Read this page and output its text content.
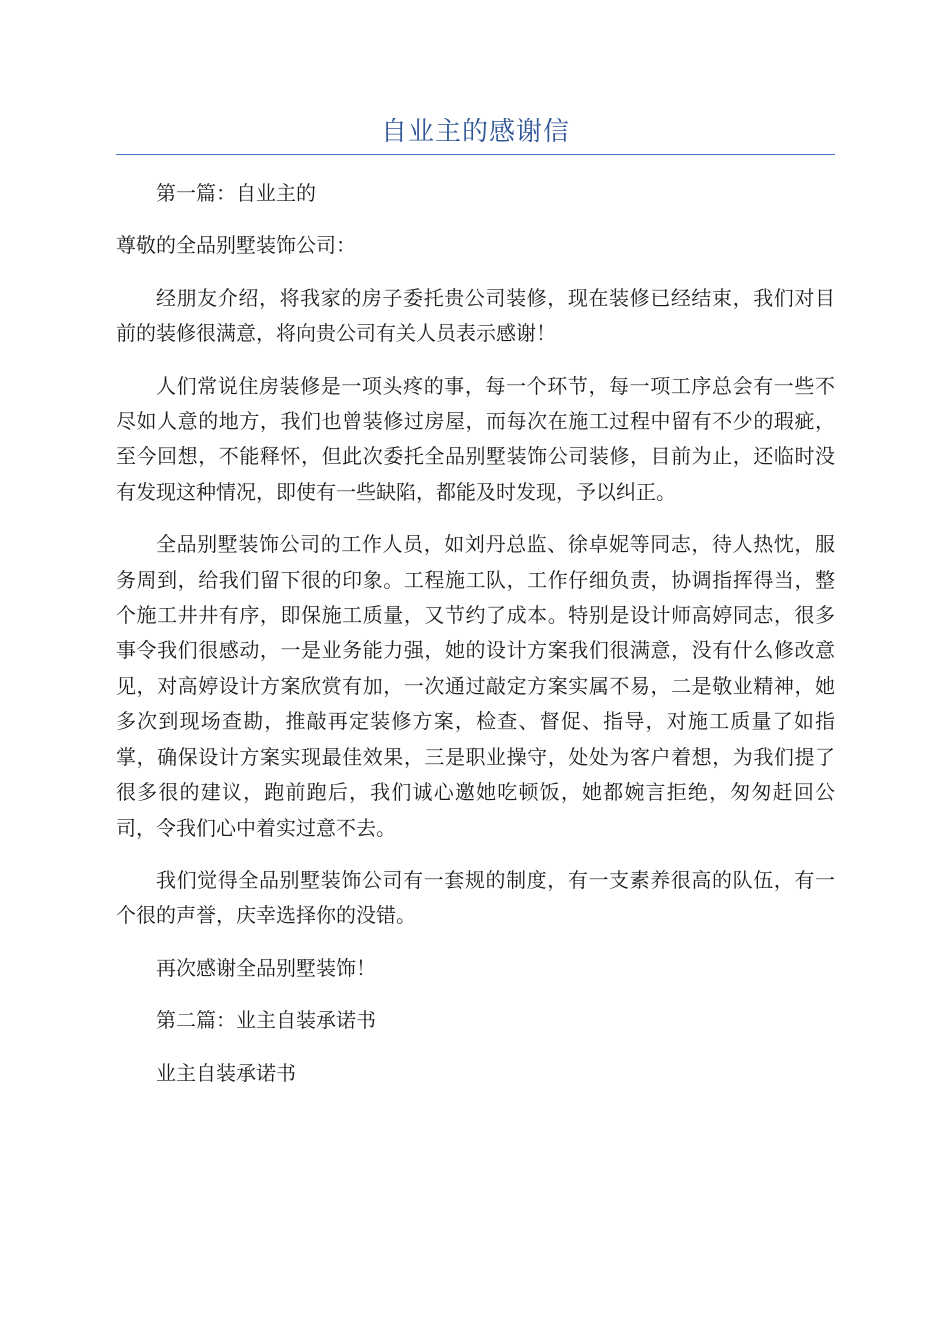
自业主的感谢信

第一篇：自业主的

尊敬的全品别墅装饰公司：

经朋友介绍，将我家的房子委托贵公司装修，现在装修已经结束，我们对目前的装修很满意，将向贵公司有关人员表示感谢！

人们常说住房装修是一项头疼的事，每一个环节，每一项工序总会有一些不尽如人意的地方，我们也曾装修过房屋，而每次在施工过程中留有不少的瑕疵，至今回想，不能释怀，但此次委托全品别墅装饰公司装修，目前为止，还临时没有发现这种情况，即使有一些缺陷，都能及时发现，予以纠正。

全品别墅装饰公司的工作人员，如刘丹总监、徐卓妮等同志，待人热忱，服务周到，给我们留下很的印象。工程施工队，工作仔细负责，协调指挥得当，整个施工井井有序，即保施工质量，又节约了成本。特别是设计师高婷同志，很多事令我们很感动，一是业务能力强，她的设计方案我们很满意，没有什么修改意见，对高婷设计方案欣赏有加，一次通过敲定方案实属不易，二是敬业精神，她多次到现场查勘，推敲再定装修方案，检查、督促、指导，对施工质量了如指掌，确保设计方案实现最佳效果，三是职业操守，处处为客户着想，为我们提了很多很的建议，跑前跑后，我们诚心邀她吃顿饭，她都婉言拒绝，匆匆赶回公司，令我们心中着实过意不去。

我们觉得全品别墅装饰公司有一套规的制度，有一支素养很高的队伍，有一个很的声誉，庆幸选择你的没错。

再次感谢全品别墅装饰！

第二篇：业主自装承诺书

业主自装承诺书
